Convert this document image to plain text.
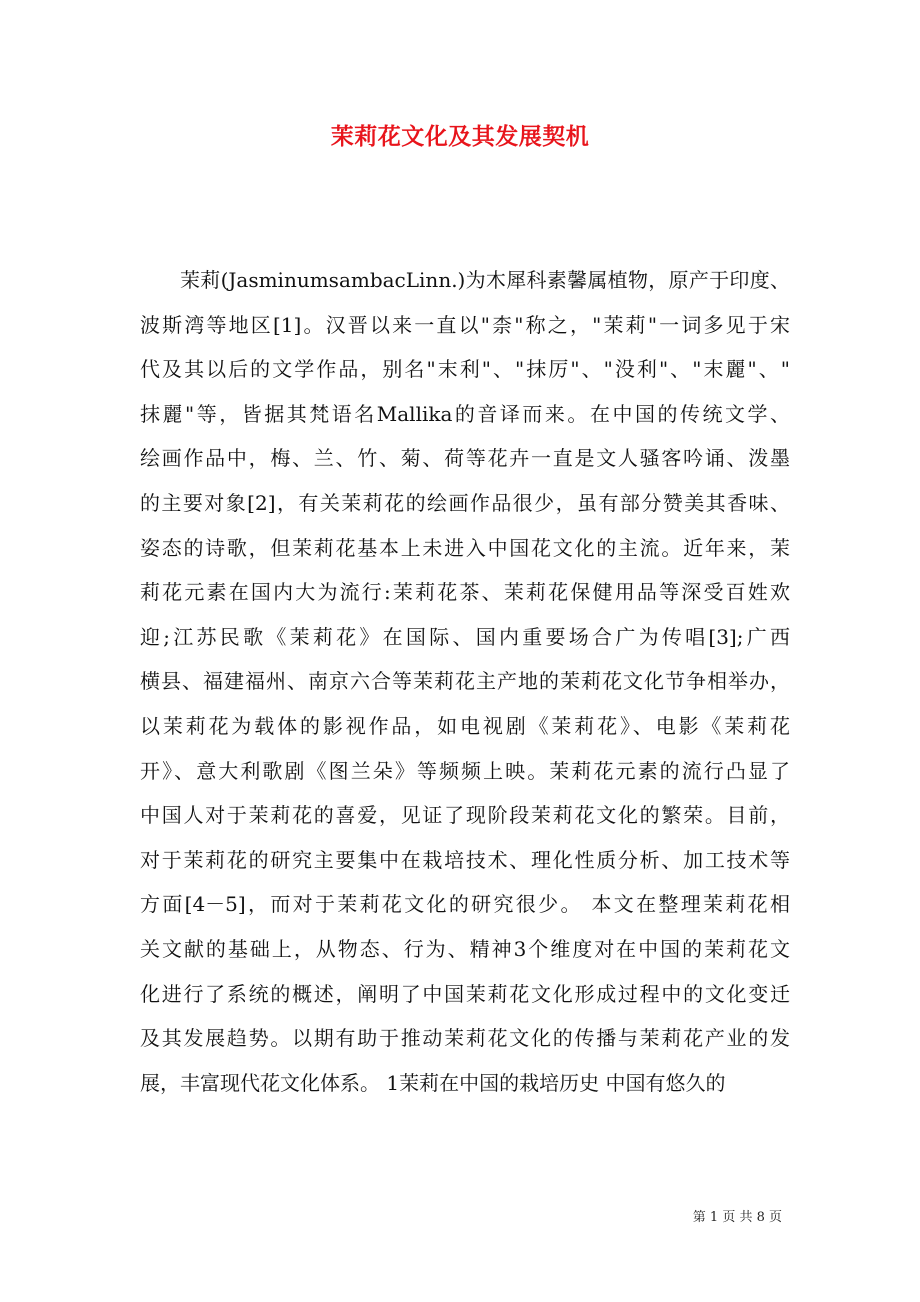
茉莉花文化及其发展契机
茉莉(JasminumsambacLinn.)为木犀科素馨属植物，原产于印度、
波斯湾等地区[1]。汉晋以来一直以"柰"称之，"茉莉"一词多见于宋
代及其以后的文学作品，别名"末利"、"抹厉"、"没利"、"末麗"、"
抹麗"等，皆据其梵语名Mallika的音译而来。在中国的传统文学、
绘画作品中，梅、兰、竹、菊、荷等花卉一直是文人骚客吟诵、泼墨
的主要对象[2]，有关茉莉花的绘画作品很少，虽有部分赞美其香味、
姿态的诗歌，但茉莉花基本上未进入中国花文化的主流。近年来，茉
莉花元素在国内大为流行:茉莉花茶、茉莉花保健用品等深受百姓欢
迎;江苏民歌《茉莉花》在国际、国内重要场合广为传唱[3];广西
横县、福建福州、南京六合等茉莉花主产地的茉莉花文化节争相举办，
以茉莉花为载体的影视作品，如电视剧《茉莉花》、电影《茉莉花
开》、意大利歌剧《图兰朵》等频频上映。茉莉花元素的流行凸显了
中国人对于茉莉花的喜爱，见证了现阶段茉莉花文化的繁荣。目前，
对于茉莉花的研究主要集中在栽培技术、理化性质分析、加工技术等
方面[4－5]，而对于茉莉花文化的研究很少。 本文在整理茉莉花相
关文献的基础上，从物态、行为、精神3个维度对在中国的茉莉花文
化进行了系统的概述，阐明了中国茉莉花文化形成过程中的文化变迁
及其发展趋势。以期有助于推动茉莉花文化的传播与茉莉花产业的发
展，丰富现代花文化体系。 1茉莉在中国的栽培历史 中国有悠久的
第 1 页 共 8 页
